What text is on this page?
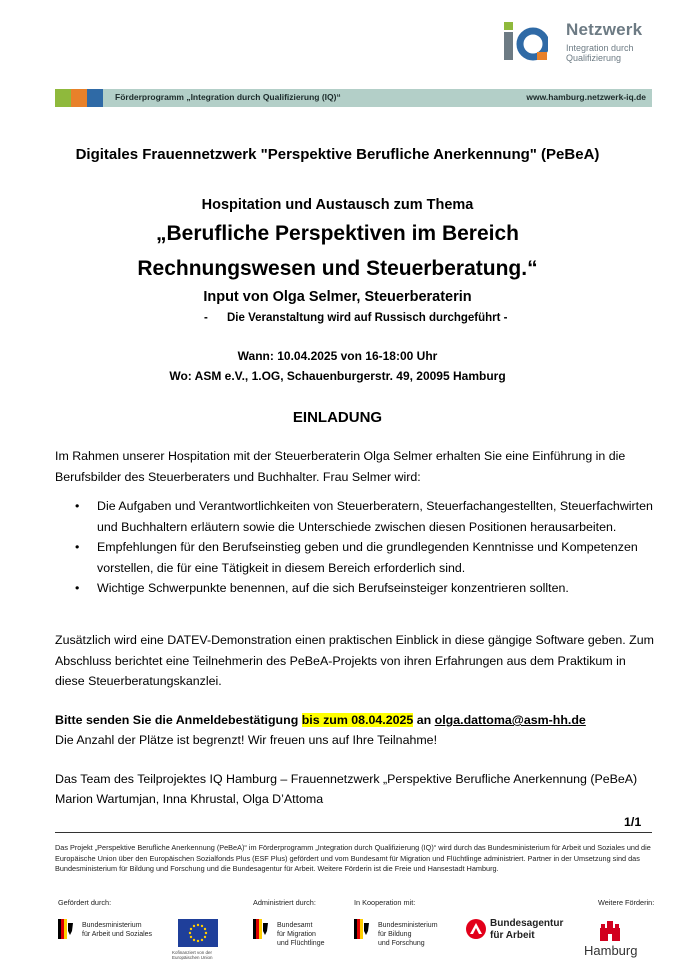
Netzwerk
Integration durch
Qualifizierung
Förderprogramm „Integration durch Qualifizierung (IQ)“	www.hamburg.netzwerk-iq.de
Digitales Frauennetzwerk "Perspektive Berufliche Anerkennung" (PeBeA)
Hospitation und Austausch zum Thema
„Berufliche Perspektiven im Bereich
Rechnungswesen und Steuerberatung.“
Input von Olga Selmer, Steuerberaterin
-      Die Veranstaltung wird auf Russisch durchgeführt -
Wann: 10.04.2025 von 16-18:00 Uhr
Wo: ASM e.V., 1.OG, Schauenburgerstr. 49, 20095 Hamburg
EINLADUNG
Im Rahmen unserer Hospitation mit der Steuerberaterin Olga Selmer erhalten Sie eine Einführung in die Berufsbilder des Steuerberaters und Buchhalter. Frau Selmer wird:
• Die Aufgaben und Verantwortlichkeiten von Steuerberatern, Steuerfachangestellten, Steuerfachwirten und Buchhaltern erläutern sowie die Unterschiede zwischen diesen Positionen herausarbeiten.
• Empfehlungen für den Berufseinstieg geben und die grundlegenden Kenntnisse und Kompetenzen vorstellen, die für eine Tätigkeit in diesem Bereich erforderlich sind.
• Wichtige Schwerpunkte benennen, auf die sich Berufseinsteiger konzentrieren sollten.
Zusätzlich wird eine DATEV-Demonstration einen praktischen Einblick in diese gängige Software geben. Zum Abschluss berichtet eine Teilnehmerin des PeBeA-Projekts von ihren Erfahrungen aus dem Praktikum in diese Steuerberatungskanzlei.
Bitte senden Sie die Anmeldebestätigung bis zum 08.04.2025 an olga.dattoma@asm-hh.de
Die Anzahl der Plätze ist begrenzt! Wir freuen uns auf Ihre Teilnahme!
Das Team des Teilprojektes IQ Hamburg – Frauennetzwerk „Perspektive Berufliche Anerkennung (PeBeA)
Marion Wartumjan, Inna Khrustal, Olga D’Attoma
1/1
Das Projekt „Perspektive Berufliche Anerkennung (PeBeA)“ im Förderprogramm „Integration durch Qualifizierung (IQ)“ wird durch das Bundesministerium für Arbeit und Soziales und die Europäische Union über den Europäischen Sozialfonds Plus (ESF Plus) gefördert und vom Bundesamt für Migration und Flüchtlinge administriert. Partner in der Umsetzung sind das Bundesministerium für Bildung und Forschung und die Bundesagentur für Arbeit. Weitere Förderin ist die Freie und Hansestadt Hamburg.
Gefördert durch:	Administriert durch:	In Kooperation mit:	Weitere Förderin:
Bundesministerium
für Arbeit und Soziales
Kofinanziert von der
Europäischen Union
Bundesamt
für Migration
und Flüchtlinge
Bundesministerium
für Bildung
und Forschung
Bundesagentur
für Arbeit
Hamburg
